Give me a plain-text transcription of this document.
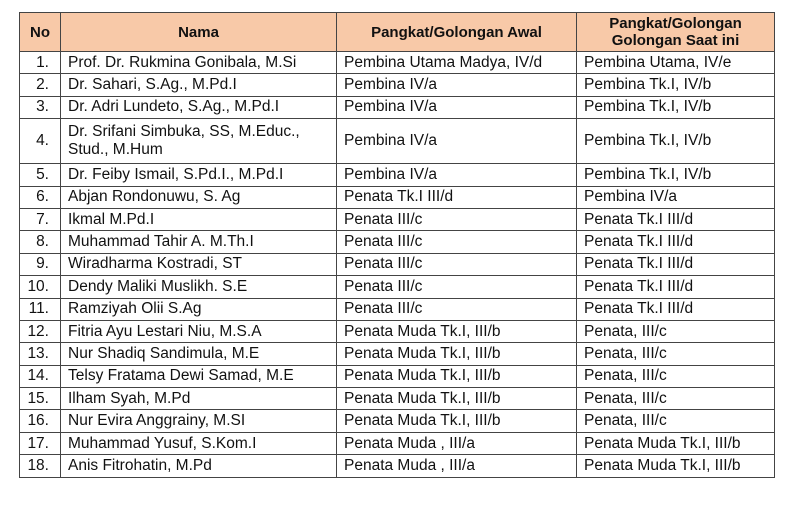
No	Nama	Pangkat/Golongan Awal	Pangkat/Golongan
Golongan Saat ini

1.	Prof. Dr. Rukmina Gonibala, M.Si	Pembina Utama Madya, IV/d	Pembina Utama, IV/e
2.	Dr. Sahari, S.Ag., M.Pd.I	Pembina IV/a	Pembina Tk.I, IV/b
3.	Dr. Adri Lundeto, S.Ag., M.Pd.I	Pembina IV/a	Pembina Tk.I, IV/b
4.	Dr. Srifani Simbuka, SS, M.Educ.,
Stud., M.Hum	Pembina IV/a	Pembina Tk.I, IV/b
5.	Dr. Feiby Ismail, S.Pd.I., M.Pd.I	Pembina IV/a	Pembina Tk.I, IV/b
6.	Abjan Rondonuwu, S. Ag	Penata Tk.I III/d	Pembina IV/a
7.	Ikmal M.Pd.I	Penata III/c	Penata Tk.I III/d
8.	Muhammad Tahir A. M.Th.I	Penata III/c	Penata Tk.I III/d
9.	Wiradharma Kostradi, ST	Penata III/c	Penata Tk.I III/d
10.	Dendy Maliki Muslikh. S.E	Penata III/c	Penata Tk.I III/d
11.	Ramziyah Olii S.Ag	Penata III/c	Penata Tk.I III/d
12.	Fitria Ayu Lestari Niu, M.S.A	Penata Muda Tk.I, III/b	Penata, III/c
13.	Nur Shadiq Sandimula, M.E	Penata Muda Tk.I, III/b	Penata, III/c
14.	Telsy Fratama Dewi Samad, M.E	Penata Muda Tk.I, III/b	Penata, III/c
15.	Ilham Syah, M.Pd	Penata Muda Tk.I, III/b	Penata, III/c
16.	Nur Evira Anggrainy, M.SI	Penata Muda Tk.I, III/b	Penata, III/c
17.	Muhammad Yusuf, S.Kom.I	Penata Muda , III/a	Penata Muda Tk.I, III/b
18.	Anis Fitrohatin, M.Pd	Penata Muda , III/a	Penata Muda Tk.I, III/b
